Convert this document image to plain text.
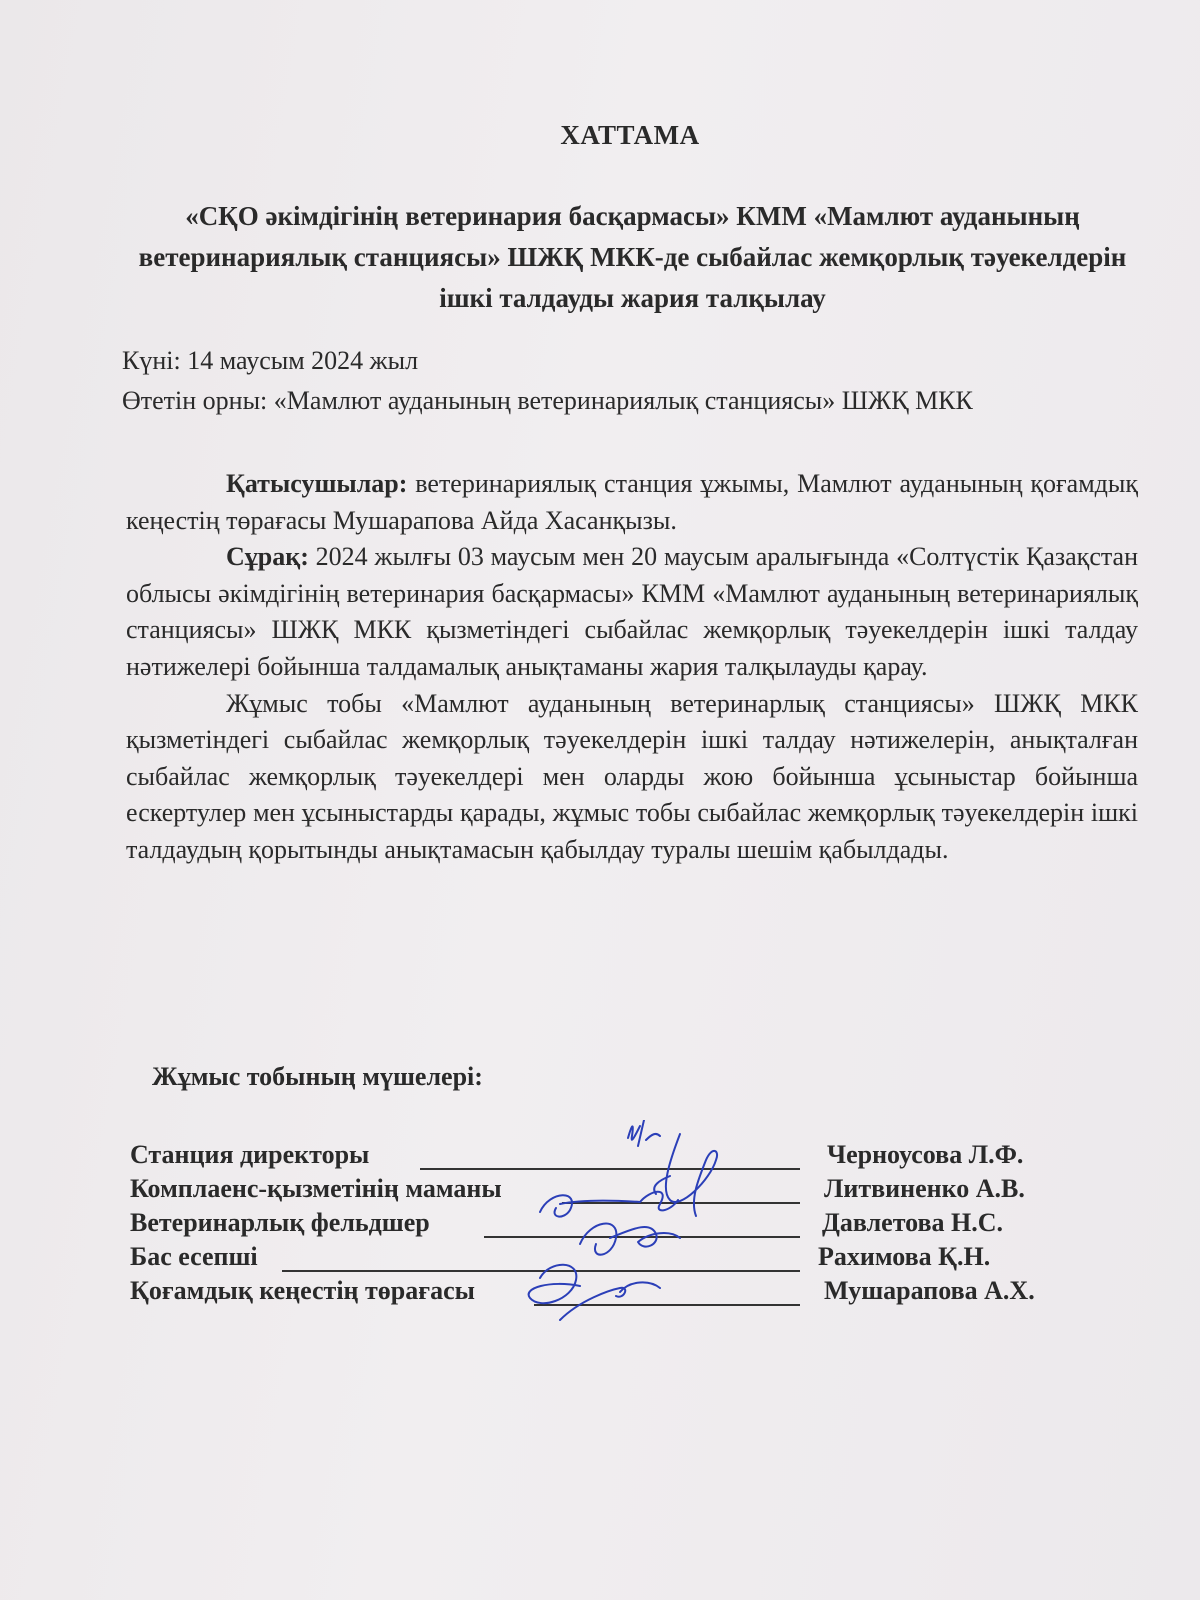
ХАТТАМА
«СҚО әкімдігінің ветеринария басқармасы» КММ «Мамлют ауданының ветеринариялық станциясы» ШЖҚ МКК-де сыбайлас жемқорлық тәуекелдерін ішкі талдауды жария талқылау

Күні: 14 маусым 2024 жыл

Өтетін орны: «Мамлют ауданының ветеринариялық станциясы» ШЖҚ МКК

Қатысушылар: ветеринариялық станция ұжымы, Мамлют ауданының қоғамдық кеңестің төрағасы Мушарапова Айда Хасанқызы.

Сұрақ: 2024 жылғы 03 маусым мен 20 маусым аралығында «Солтүстік Қазақстан облысы әкімдігінің ветеринария басқармасы» КММ «Мамлют ауданының ветеринариялық станциясы» ШЖҚ МКК қызметіндегі сыбайлас жемқорлық тәуекелдерін ішкі талдау нәтижелері бойынша талдамалық анықтаманы жария талқылауды қарау.

Жұмыс тобы «Мамлют ауданының ветеринарлық станциясы» ШЖҚ МКК қызметіндегі сыбайлас жемқорлық тәуекелдерін ішкі талдау нәтижелерін, анықталған сыбайлас жемқорлық тәуекелдері мен оларды жою бойынша ұсыныстар бойынша ескертулер мен ұсыныстарды қарады, жұмыс тобы сыбайлас жемқорлық тәуекелдерін ішкі талдаудың қорытынды анықтамасын қабылдау туралы шешім қабылдады.

Жұмыс тобының мүшелері:

Станция директоры	Черноусова Л.Ф.
Комплаенс-қызметінің маманы	Литвиненко А.В.
Ветеринарлық фельдшер	Давлетова Н.С.
Бас есепші	Рахимова Қ.Н.
Қоғамдық кеңестің төрағасы	Мушарапова А.Х.
